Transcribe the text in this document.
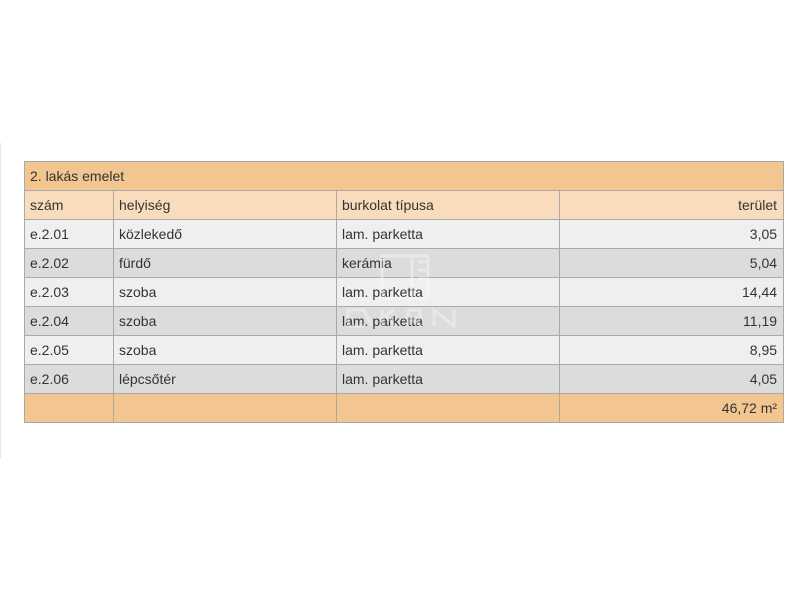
2. lakás emelet			
szám	helyiség	burkolat típusa	terület
e.2.01	közlekedő	lam. parketta	3,05
e.2.02	fürdő	kerámia	5,04
e.2.03	szoba	lam. parketta	14,44
e.2.04	szoba	lam. parketta	11,19
e.2.05	szoba	lam. parketta	8,95
e.2.06	lépcsőtér	lam. parketta	4,05
			46,72 m²
